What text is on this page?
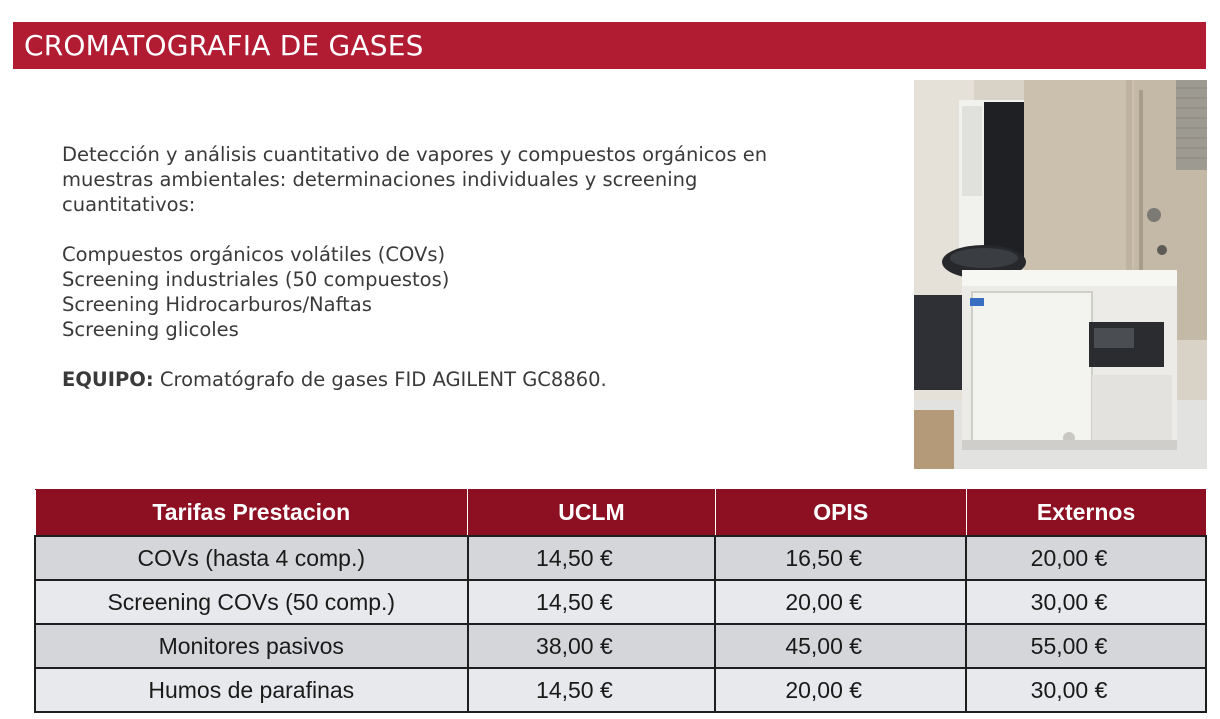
CROMATOGRAFIA DE GASES

Detección y análisis cuantitativo de vapores y compuestos orgánicos en muestras ambientales: determinaciones individuales y screening cuantitativos:

Compuestos orgánicos volátiles (COVs)

Screening industriales (50 compuestos)

Screening Hidrocarburos/Naftas

Screening glicoles

EQUIPO: Cromatógrafo de gases FID AGILENT GC8860.

Tarifas Prestacion	UCLM	OPIS	Externos
COVs (hasta 4 comp.)	14,50 €	16,50 €	20,00 €
Screening COVs (50 comp.)	14,50 €	20,00 €	30,00 €
Monitores pasivos	38,00 €	45,00 €	55,00 €
Humos de parafinas	14,50 €	20,00 €	30,00 €
